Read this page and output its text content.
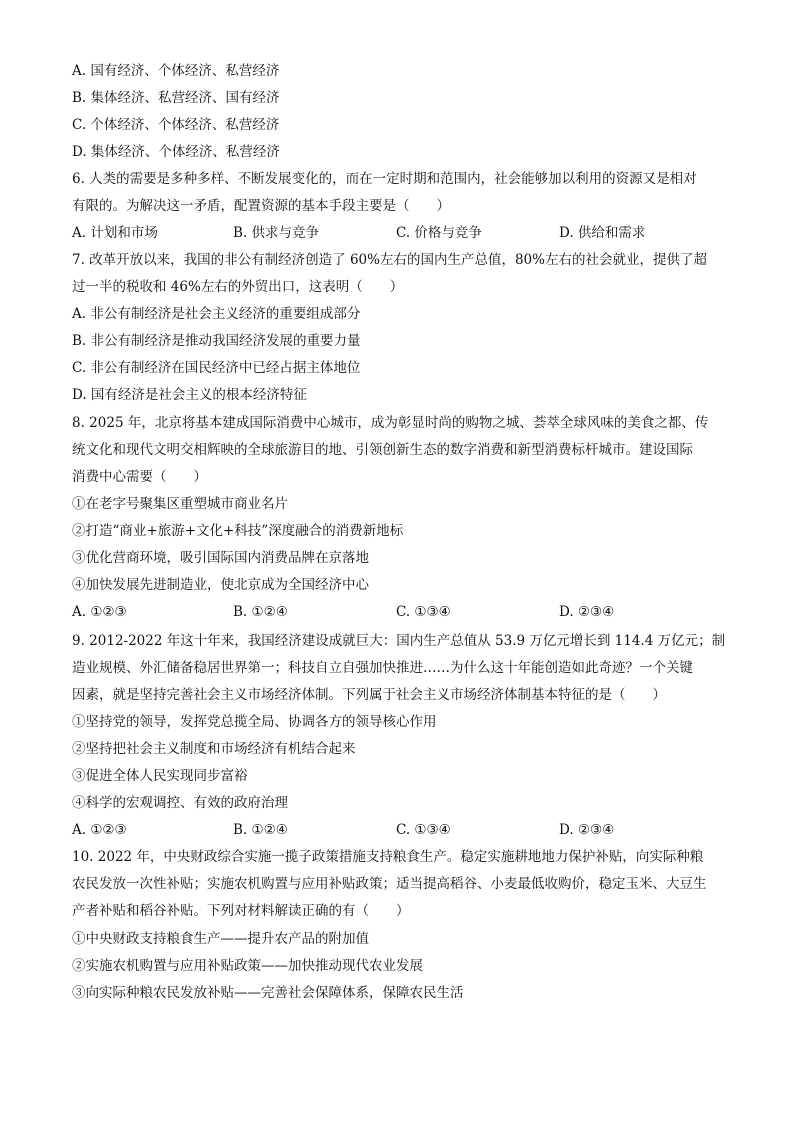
A. 国有经济、个体经济、私营经济
B. 集体经济、私营经济、国有经济
C. 个体经济、个体经济、私营经济
D. 集体经济、个体经济、私营经济
6. 人类的需要是多种多样、不断发展变化的，而在一定时期和范围内，社会能够加以利用的资源又是相对
有限的。为解决这一矛盾，配置资源的基本手段主要是（　　）
A. 计划和市场	B. 供求与竞争	C. 价格与竞争	D. 供给和需求
7. 改革开放以来，我国的非公有制经济创造了 60%左右的国内生产总值，80%左右的社会就业，提供了超
过一半的税收和 46%左右的外贸出口，这表明（　　）
A. 非公有制经济是社会主义经济的重要组成部分
B. 非公有制经济是推动我国经济发展的重要力量
C. 非公有制经济在国民经济中已经占据主体地位
D. 国有经济是社会主义的根本经济特征
8. 2025 年，北京将基本建成国际消费中心城市，成为彰显时尚的购物之城、荟萃全球风味的美食之都、传
统文化和现代文明交相辉映的全球旅游目的地、引领创新生态的数字消费和新型消费标杆城市。建设国际
消费中心需要（　　）
①在老字号聚集区重塑城市商业名片
②打造“商业+旅游+文化+科技”深度融合的消费新地标
③优化营商环境，吸引国际国内消费品牌在京落地
④加快发展先进制造业，使北京成为全国经济中心
A. ①②③	B. ①②④	C. ①③④	D. ②③④
9. 2012-2022 年这十年来，我国经济建设成就巨大：国内生产总值从 53.9 万亿元增长到 114.4 万亿元；制
造业规模、外汇储备稳居世界第一；科技自立自强加快推进……为什么这十年能创造如此奇迹？一个关键
因素，就是坚持完善社会主义市场经济体制。下列属于社会主义市场经济体制基本特征的是（　　）
①坚持党的领导，发挥党总揽全局、协调各方的领导核心作用
②坚持把社会主义制度和市场经济有机结合起来
③促进全体人民实现同步富裕
④科学的宏观调控、有效的政府治理
A. ①②③	B. ①②④	C. ①③④	D. ②③④
10. 2022 年，中央财政综合实施一揽子政策措施支持粮食生产。稳定实施耕地地力保护补贴，向实际种粮
农民发放一次性补贴；实施农机购置与应用补贴政策；适当提高稻谷、小麦最低收购价，稳定玉米、大豆生
产者补贴和稻谷补贴。下列对材料解读正确的有（　　）
①中央财政支持粮食生产——提升农产品的附加值
②实施农机购置与应用补贴政策——加快推动现代农业发展
③向实际种粮农民发放补贴——完善社会保障体系，保障农民生活
